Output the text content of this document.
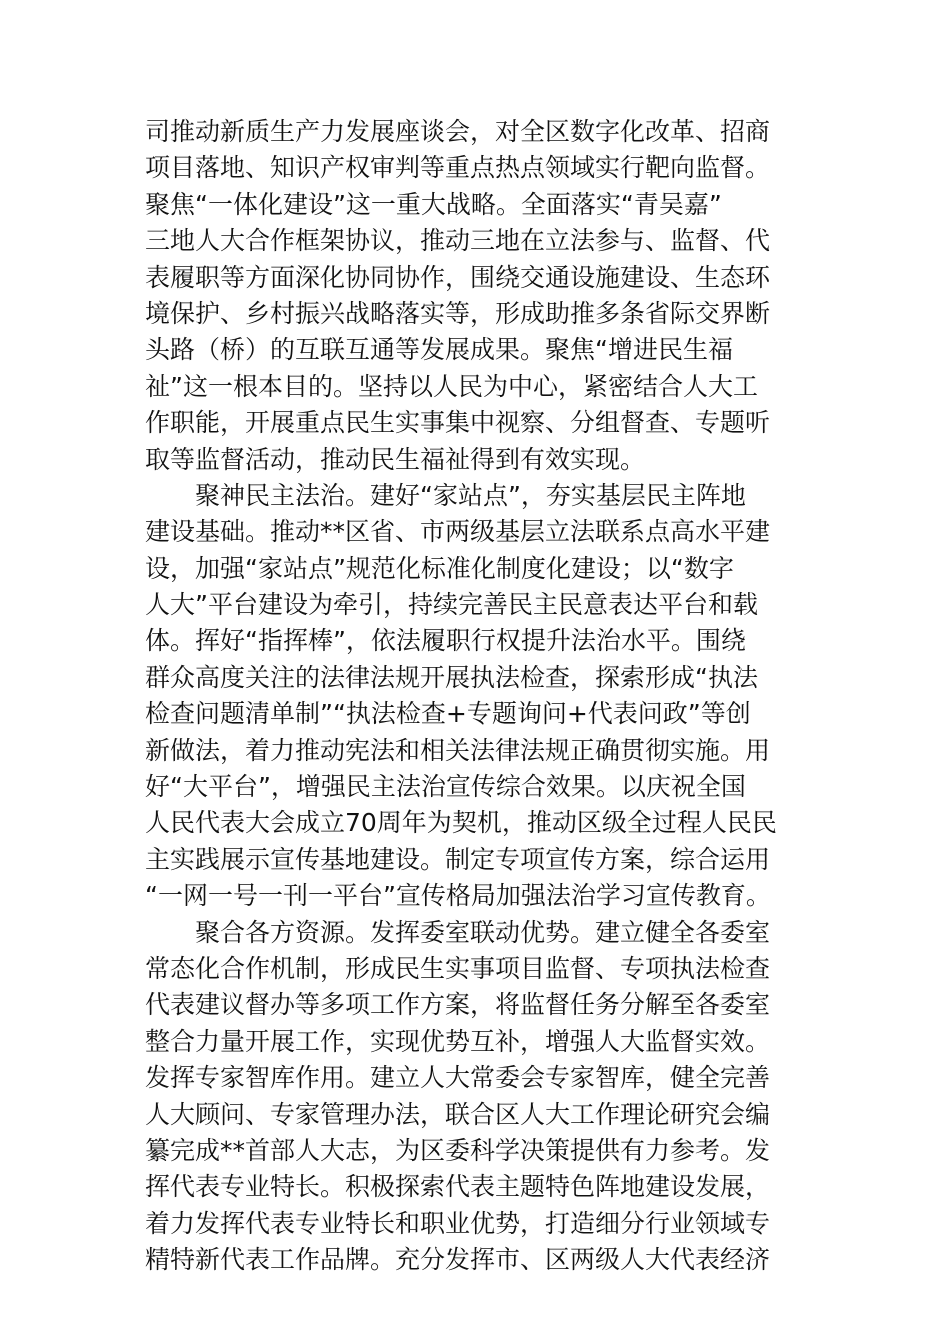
司推动新质生产力发展座谈会，对全区数字化改革、招商
项目落地、知识产权审判等重点热点领域实行靶向监督。
聚焦“一体化建设”这一重大战略。全面落实“青吴嘉”
三地人大合作框架协议，推动三地在立法参与、监督、代
表履职等方面深化协同协作，围绕交通设施建设、生态环
境保护、乡村振兴战略落实等，形成助推多条省际交界断
头路（桥）的互联互通等发展成果。聚焦“增进民生福
祉”这一根本目的。坚持以人民为中心，紧密结合人大工
作职能，开展重点民生实事集中视察、分组督查、专题听
取等监督活动，推动民生福祉得到有效实现。
聚神民主法治。建好“家站点”，夯实基层民主阵地
建设基础。推动**区省、市两级基层立法联系点高水平建
设，加强“家站点”规范化标准化制度化建设；以“数字
人大”平台建设为牵引，持续完善民主民意表达平台和载
体。挥好“指挥棒”，依法履职行权提升法治水平。围绕
群众高度关注的法律法规开展执法检查，探索形成“执法
检查问题清单制”“执法检查+专题询问+代表问政”等创
新做法，着力推动宪法和相关法律法规正确贯彻实施。用
好“大平台”，增强民主法治宣传综合效果。以庆祝全国
人民代表大会成立70周年为契机，推动区级全过程人民民
主实践展示宣传基地建设。制定专项宣传方案，综合运用
“一网一号一刊一平台”宣传格局加强法治学习宣传教育。
聚合各方资源。发挥委室联动优势。建立健全各委室
常态化合作机制，形成民生实事项目监督、专项执法检查
代表建议督办等多项工作方案，将监督任务分解至各委室
整合力量开展工作，实现优势互补，增强人大监督实效。
发挥专家智库作用。建立人大常委会专家智库，健全完善
人大顾问、专家管理办法，联合区人大工作理论研究会编
纂完成**首部人大志，为区委科学决策提供有力参考。发
挥代表专业特长。积极探索代表主题特色阵地建设发展，
着力发挥代表专业特长和职业优势，打造细分行业领域专
精特新代表工作品牌。充分发挥市、区两级人大代表经济
